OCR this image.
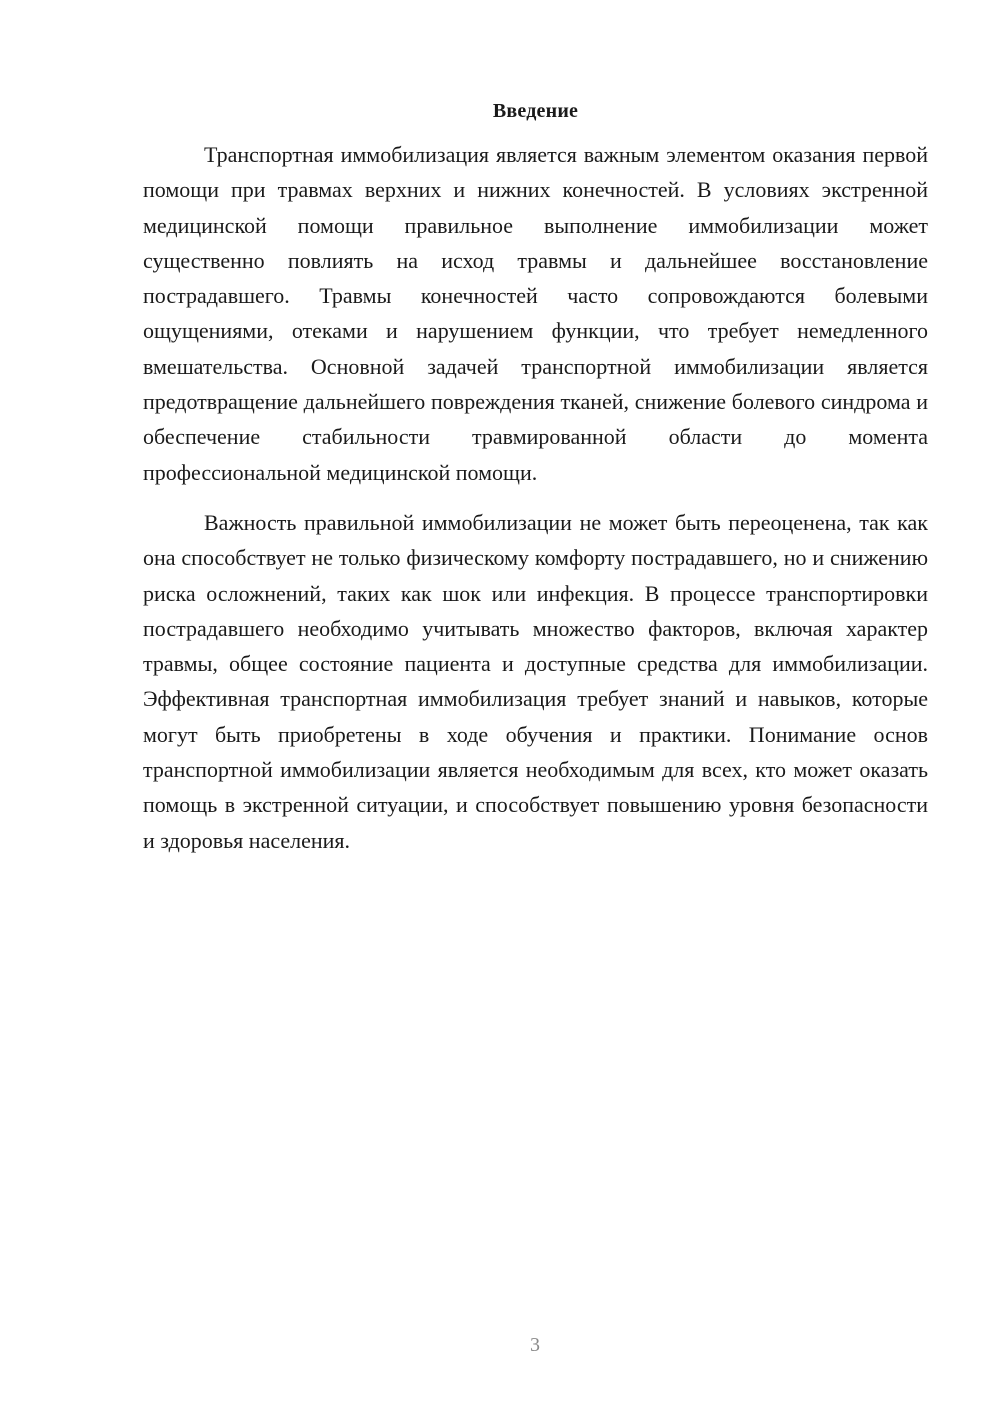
Введение

Транспортная иммобилизация является важным элементом оказания первой помощи при травмах верхних и нижних конечностей. В условиях экстренной медицинской помощи правильное выполнение иммобилизации может существенно повлиять на исход травмы и дальнейшее восстановление пострадавшего. Травмы конечностей часто сопровождаются болевыми ощущениями, отеками и нарушением функции, что требует немедленного вмешательства. Основной задачей транспортной иммобилизации является предотвращение дальнейшего повреждения тканей, снижение болевого синдрома и обеспечение стабильности травмированной области до момента профессиональной медицинской помощи.

Важность правильной иммобилизации не может быть переоценена, так как она способствует не только физическому комфорту пострадавшего, но и снижению риска осложнений, таких как шок или инфекция. В процессе транспортировки пострадавшего необходимо учитывать множество факторов, включая характер травмы, общее состояние пациента и доступные средства для иммобилизации. Эффективная транспортная иммобилизация требует знаний и навыков, которые могут быть приобретены в ходе обучения и практики. Понимание основ транспортной иммобилизации является необходимым для всех, кто может оказать помощь в экстренной ситуации, и способствует повышению уровня безопасности и здоровья населения.

3
